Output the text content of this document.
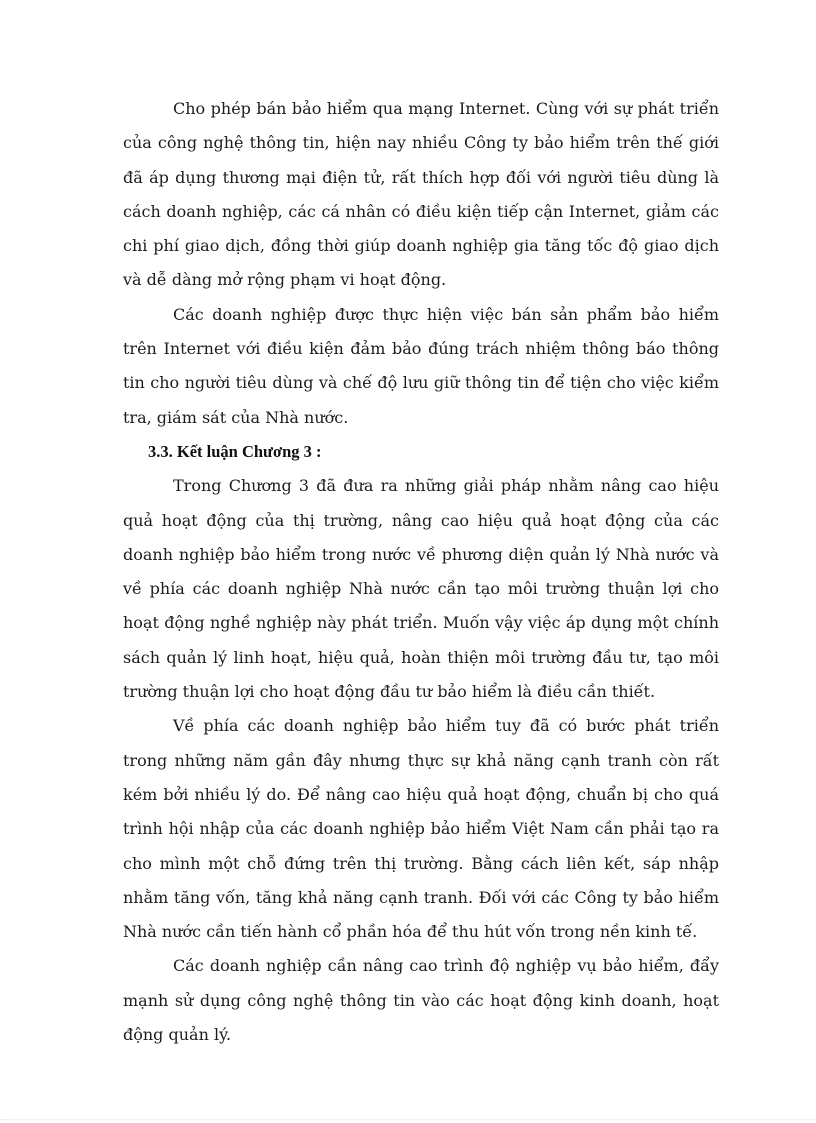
Cho phép bán bảo hiểm qua mạng Internet. Cùng với sự phát triển của công nghệ thông tin, hiện nay nhiều Công ty bảo hiểm trên thế giới đã áp dụng thương mại điện tử, rất thích hợp đối với người tiêu dùng là cách doanh nghiệp, các cá nhân có điều kiện tiếp cận Internet, giảm các chi phí giao dịch, đồng thời giúp doanh nghiệp gia tăng tốc độ giao dịch và dễ dàng mở rộng phạm vi hoạt động.

Các doanh nghiệp được thực hiện việc bán sản phẩm bảo hiểm trên Internet với điều kiện đảm bảo đúng trách nhiệm thông báo thông tin cho người tiêu dùng và chế độ lưu giữ thông tin để tiện cho việc kiểm tra, giám sát của Nhà nước.

3.3. Kết luận Chương 3 :

Trong Chương 3 đã đưa ra những giải pháp nhằm nâng cao hiệu quả hoạt động của thị trường, nâng cao hiệu quả hoạt động của các doanh nghiệp bảo hiểm trong nước về phương diện quản lý Nhà nước và về phía các doanh nghiệp Nhà nước cần tạo môi trường thuận lợi cho hoạt động nghề nghiệp này phát triển. Muốn vậy việc áp dụng một chính sách quản lý linh hoạt, hiệu quả, hoàn thiện môi trường đầu tư, tạo môi trường thuận lợi cho hoạt động đầu tư bảo hiểm là điều cần thiết.

Về phía các doanh nghiệp bảo hiểm tuy đã có bước phát triển trong những năm gần đây nhưng thực sự khả năng cạnh tranh còn rất kém bởi nhiều lý do. Để nâng cao hiệu quả hoạt động, chuẩn bị cho quá trình hội nhập của các doanh nghiệp bảo hiểm Việt Nam cần phải tạo ra cho mình một chỗ đứng trên thị trường. Bằng cách liên kết, sáp nhập nhằm tăng vốn, tăng khả năng cạnh tranh. Đối với các Công ty bảo hiểm Nhà nước cần tiến hành cổ phần hóa để thu hút vốn trong nền kinh tế.

Các doanh nghiệp cần nâng cao trình độ nghiệp vụ bảo hiểm, đẩy mạnh sử dụng công nghệ thông tin vào các hoạt động kinh doanh, hoạt động quản lý.
